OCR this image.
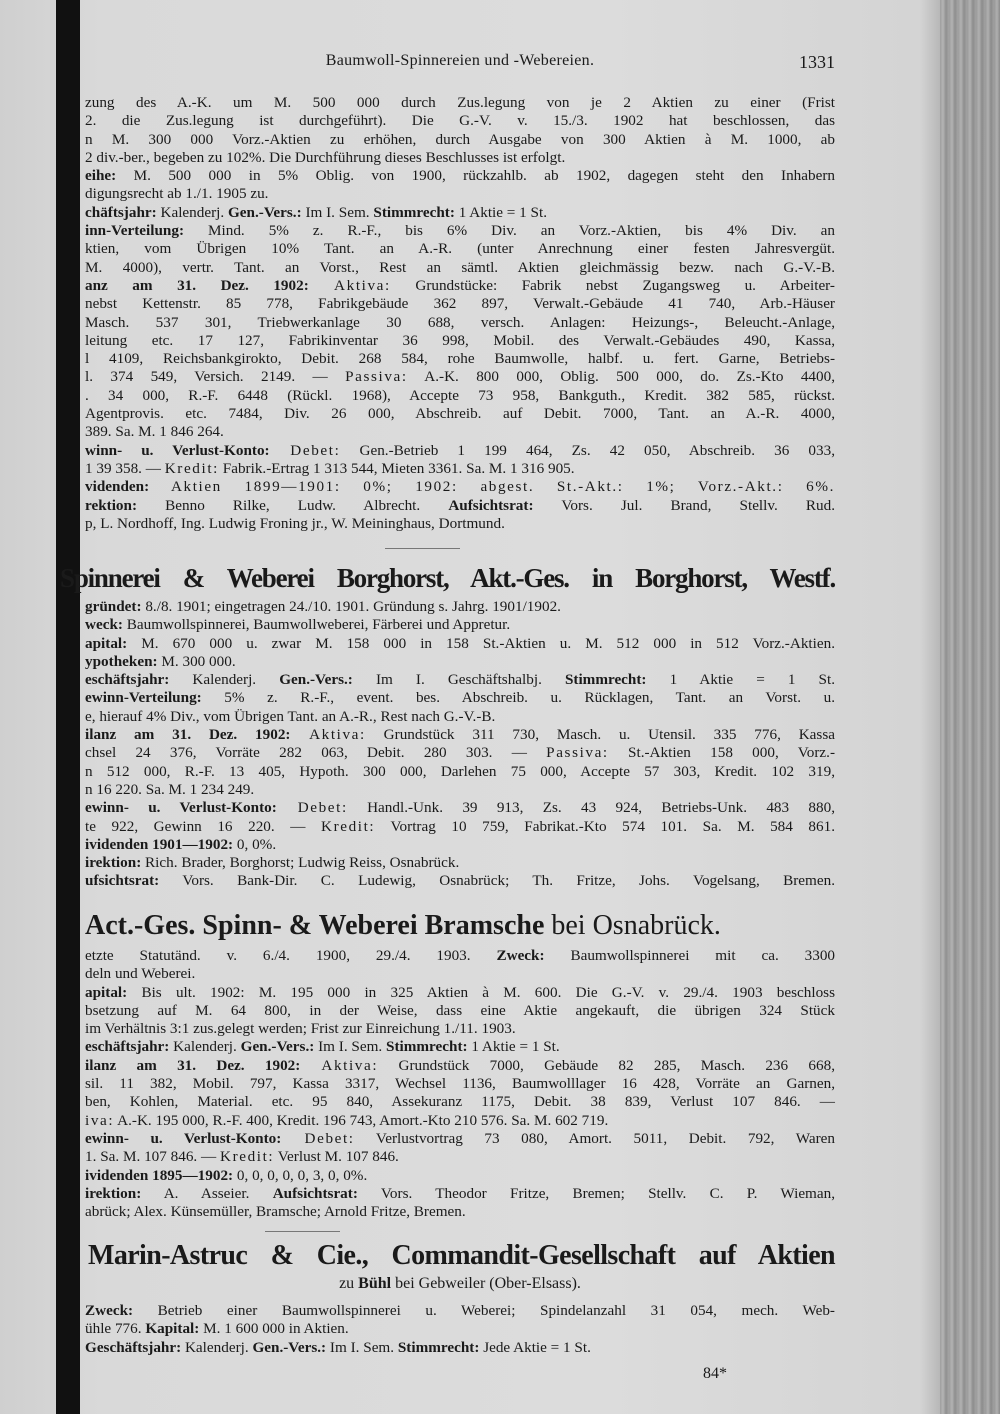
Baumwoll-Spinnereien und -Webereien.	1331
zung des A.-K. um M. 500 000 durch Zus.legung von je 2 Aktien zu einer (Frist
2. die Zus.legung ist durchgeführt). Die G.-V. v. 15./3. 1902 hat beschlossen, das
n M. 300 000 Vorz.-Aktien zu erhöhen, durch Ausgabe von 300 Aktien à M. 1000, ab
2 div.-ber., begeben zu 102%. Die Durchführung dieses Beschlusses ist erfolgt.
eihe: M. 500 000 in 5% Oblig. von 1900, rückzahlb. ab 1902, dagegen steht den Inhabern
digungsrecht ab 1./1. 1905 zu.
chäftsjahr: Kalenderj. Gen.-Vers.: Im I. Sem. Stimmrecht: 1 Aktie = 1 St.
inn-Verteilung: Mind. 5% z. R.-F., bis 6% Div. an Vorz.-Aktien, bis 4% Div. an
ktien, vom Übrigen 10% Tant. an A.-R. (unter Anrechnung einer festen Jahresvergüt.
M. 4000), vertr. Tant. an Vorst., Rest an sämtl. Aktien gleichmässig bezw. nach G.-V.-B.
anz am 31. Dez. 1902: Aktiva: Grundstücke: Fabrik nebst Zugangsweg u. Arbeiter-
nebst Kettenstr. 85 778, Fabrikgebäude 362 897, Verwalt.-Gebäude 41 740, Arb.-Häuser
Masch. 537 301, Triebwerkanlage 30 688, versch. Anlagen: Heizungs-, Beleucht.-Anlage,
leitung etc. 17 127, Fabrikinventar 36 998, Mobil. des Verwalt.-Gebäudes 490, Kassa,
l 4109, Reichsbankgirokto, Debit. 268 584, rohe Baumwolle, halbf. u. fert. Garne, Betriebs-
l. 374 549, Versich. 2149. — Passiva: A.-K. 800 000, Oblig. 500 000, do. Zs.-Kto 4400,
. 34 000, R.-F. 6448 (Rückl. 1968), Accepte 73 958, Bankguth., Kredit. 382 585, rückst.
Agentprovis. etc. 7484, Div. 26 000, Abschreib. auf Debit. 7000, Tant. an A.-R. 4000,
389. Sa. M. 1 846 264.
winn- u. Verlust-Konto: Debet: Gen.-Betrieb 1 199 464, Zs. 42 050, Abschreib. 36 033,
1 39 358. — Kredit: Fabrik.-Ertrag 1 313 544, Mieten 3361. Sa. M. 1 316 905.
videnden: Aktien 1899—1901: 0%; 1902: abgest. St.-Akt.: 1%; Vorz.-Akt.: 6%.
rektion: Benno Rilke, Ludw. Albrecht. Aufsichtsrat: Vors. Jul. Brand, Stellv. Rud.
p, L. Nordhoff, Ing. Ludwig Froning jr., W. Meininghaus, Dortmund.
Spinnerei & Weberei Borghorst, Akt.-Ges. in Borghorst, Westf.
gründet: 8./8. 1901; eingetragen 24./10. 1901. Gründung s. Jahrg. 1901/1902.
weck: Baumwollspinnerei, Baumwollweberei, Färberei und Appretur.
apital: M. 670 000 u. zwar M. 158 000 in 158 St.-Aktien u. M. 512 000 in 512 Vorz.-Aktien.
ypotheken: M. 300 000.
eschäftsjahr: Kalenderj. Gen.-Vers.: Im I. Geschäftshalbj. Stimmrecht: 1 Aktie = 1 St.
ewinn-Verteilung: 5% z. R.-F., event. bes. Abschreib. u. Rücklagen, Tant. an Vorst. u.
e, hierauf 4% Div., vom Übrigen Tant. an A.-R., Rest nach G.-V.-B.
ilanz am 31. Dez. 1902: Aktiva: Grundstück 311 730, Masch. u. Utensil. 335 776, Kassa
chsel 24 376, Vorräte 282 063, Debit. 280 303. — Passiva: St.-Aktien 158 000, Vorz.-
n 512 000, R.-F. 13 405, Hypoth. 300 000, Darlehen 75 000, Accepte 57 303, Kredit. 102 319,
n 16 220. Sa. M. 1 234 249.
ewinn- u. Verlust-Konto: Debet: Handl.-Unk. 39 913, Zs. 43 924, Betriebs-Unk. 483 880,
te 922, Gewinn 16 220. — Kredit: Vortrag 10 759, Fabrikat.-Kto 574 101. Sa. M. 584 861.
ividenden 1901—1902: 0, 0%.
irektion: Rich. Brader, Borghorst; Ludwig Reiss, Osnabrück.
ufsichtsrat: Vors. Bank-Dir. C. Ludewig, Osnabrück; Th. Fritze, Johs. Vogelsang, Bremen.
Act.-Ges. Spinn- & Weberei Bramsche bei Osnabrück.
etzte Statutänd. v. 6./4. 1900, 29./4. 1903. Zweck: Baumwollspinnerei mit ca. 3300
deln und Weberei.
apital: Bis ult. 1902: M. 195 000 in 325 Aktien à M. 600. Die G.-V. v. 29./4. 1903 beschloss
bsetzung auf M. 64 800, in der Weise, dass eine Aktie angekauft, die übrigen 324 Stück
im Verhältnis 3:1 zus.gelegt werden; Frist zur Einreichung 1./11. 1903.
eschäftsjahr: Kalenderj. Gen.-Vers.: Im I. Sem. Stimmrecht: 1 Aktie = 1 St.
ilanz am 31. Dez. 1902: Aktiva: Grundstück 7000, Gebäude 82 285, Masch. 236 668,
sil. 11 382, Mobil. 797, Kassa 3317, Wechsel 1136, Baumwolllager 16 428, Vorräte an Garnen,
ben, Kohlen, Material. etc. 95 840, Assekuranz 1175, Debit. 38 839, Verlust 107 846. —
iva: A.-K. 195 000, R.-F. 400, Kredit. 196 743, Amort.-Kto 210 576. Sa. M. 602 719.
ewinn- u. Verlust-Konto: Debet: Verlustvortrag 73 080, Amort. 5011, Debit. 792, Waren
1. Sa. M. 107 846. — Kredit: Verlust M. 107 846.
ividenden 1895—1902: 0, 0, 0, 0, 0, 3, 0, 0%.
irektion: A. Asseier. Aufsichtsrat: Vors. Theodor Fritze, Bremen; Stellv. C. P. Wieman,
abrück; Alex. Künsemüller, Bramsche; Arnold Fritze, Bremen.
Marin-Astruc & Cie., Commandit-Gesellschaft auf Aktien
zu Bühl bei Gebweiler (Ober-Elsass).
Zweck: Betrieb einer Baumwollspinnerei u. Weberei; Spindelanzahl 31 054, mech. Web-
ühle 776. Kapital: M. 1 600 000 in Aktien.
Geschäftsjahr: Kalenderj. Gen.-Vers.: Im I. Sem. Stimmrecht: Jede Aktie = 1 St.
84*
